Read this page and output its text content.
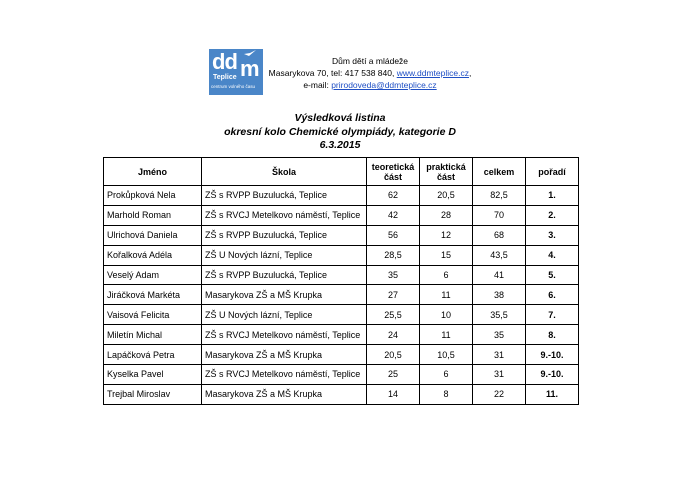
dd m
Teplice
centrum volného času
Dům dětí a mládeže
Masarykova 70, tel: 417 538 840, www.ddmteplice.cz,
e-mail: prirodoveda@ddmteplice.cz
Výsledková listina
okresní kolo Chemické olympiády, kategorie D
6.3.2015
Jméno	Škola	teoretická část	praktická část	celkem	pořadí
Prokůpková Nela	ZŠ s RVPP Buzulucká, Teplice	62	20,5	82,5	1.
Marhold Roman	ZŠ s RVCJ Metelkovo náměstí, Teplice	42	28	70	2.
Ulrichová Daniela	ZŠ s RVPP Buzulucká, Teplice	56	12	68	3.
Kořalková Adéla	ZŠ U Nových lázní, Teplice	28,5	15	43,5	4.
Veselý Adam	ZŠ s RVPP Buzulucká, Teplice	35	6	41	5.
Jiráčková Markéta	Masarykova ZŠ a MŠ Krupka	27	11	38	6.
Vaisová Felicita	ZŠ U Nových lázní, Teplice	25,5	10	35,5	7.
Miletín Michal	ZŠ s RVCJ Metelkovo náměstí, Teplice	24	11	35	8.
Lapáčková Petra	Masarykova ZŠ a MŠ Krupka	20,5	10,5	31	9.-10.
Kyselka Pavel	ZŠ s RVCJ Metelkovo náměstí, Teplice	25	6	31	9.-10.
Trejbal Miroslav	Masarykova ZŠ a MŠ Krupka	14	8	22	11.
